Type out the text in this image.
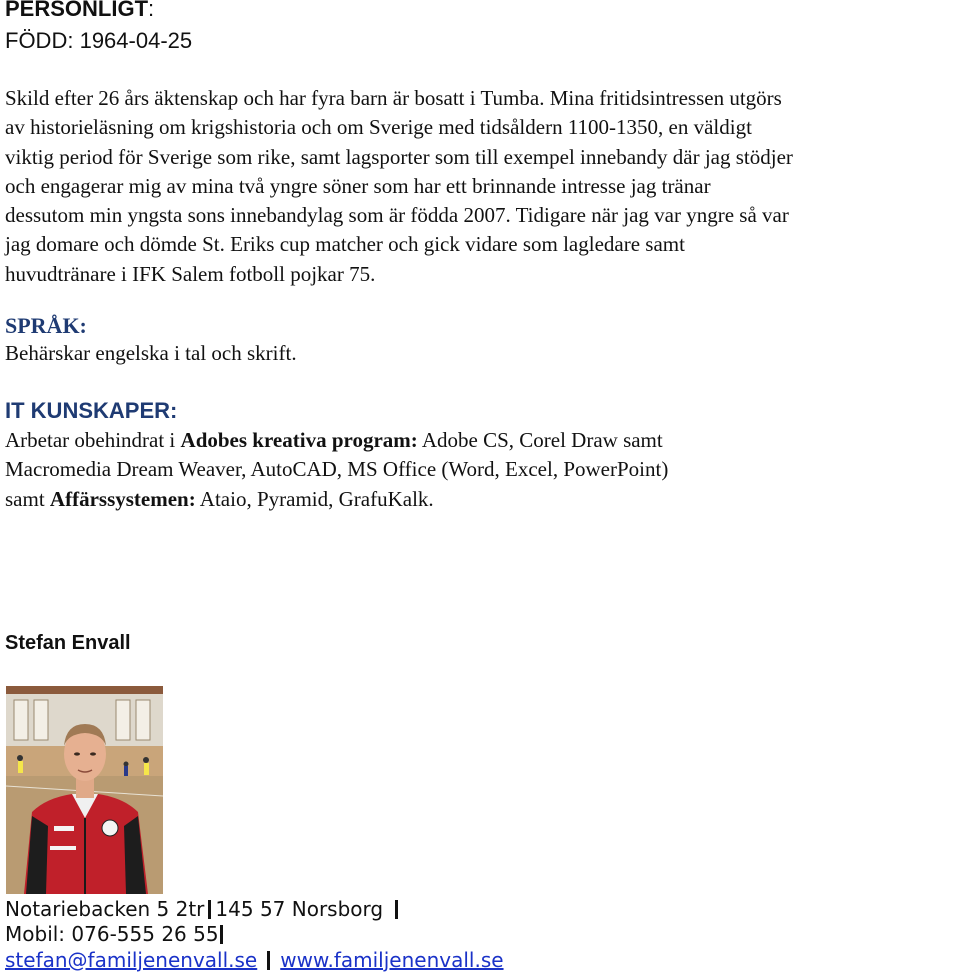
PERSONLIGT:
FÖDD: 1964-04-25
Skild efter 26 års äktenskap och har fyra barn är bosatt i Tumba. Mina fritidsintressen utgörs
av historieläsning om krigshistoria och om Sverige med tidsåldern 1100-1350, en väldigt
viktig period för Sverige som rike, samt lagsporter som till exempel innebandy där jag stödjer
och engagerar mig av mina två yngre söner som har ett brinnande intresse jag tränar
dessutom min yngsta sons innebandylag som är födda 2007. Tidigare när jag var yngre så var
jag domare och dömde St. Eriks cup matcher och gick vidare som lagledare samt
huvudtränare i IFK Salem fotboll pojkar 75.
SPRÅK:
Behärskar engelska i tal och skrift.
IT KUNSKAPER:
Arbetar obehindrat i Adobes kreativa program: Adobe CS, Corel Draw samt
Macromedia Dream Weaver, AutoCAD, MS Office (Word, Excel, PowerPoint)
samt Affärssystemen: Ataio, Pyramid, GrafuKalk.
Stefan Envall
Notariebacken 5 2tr 145 57 Norsborg
Mobil: 076-555 26 55
stefan@familjenenvall.se www.familjenenvall.se
